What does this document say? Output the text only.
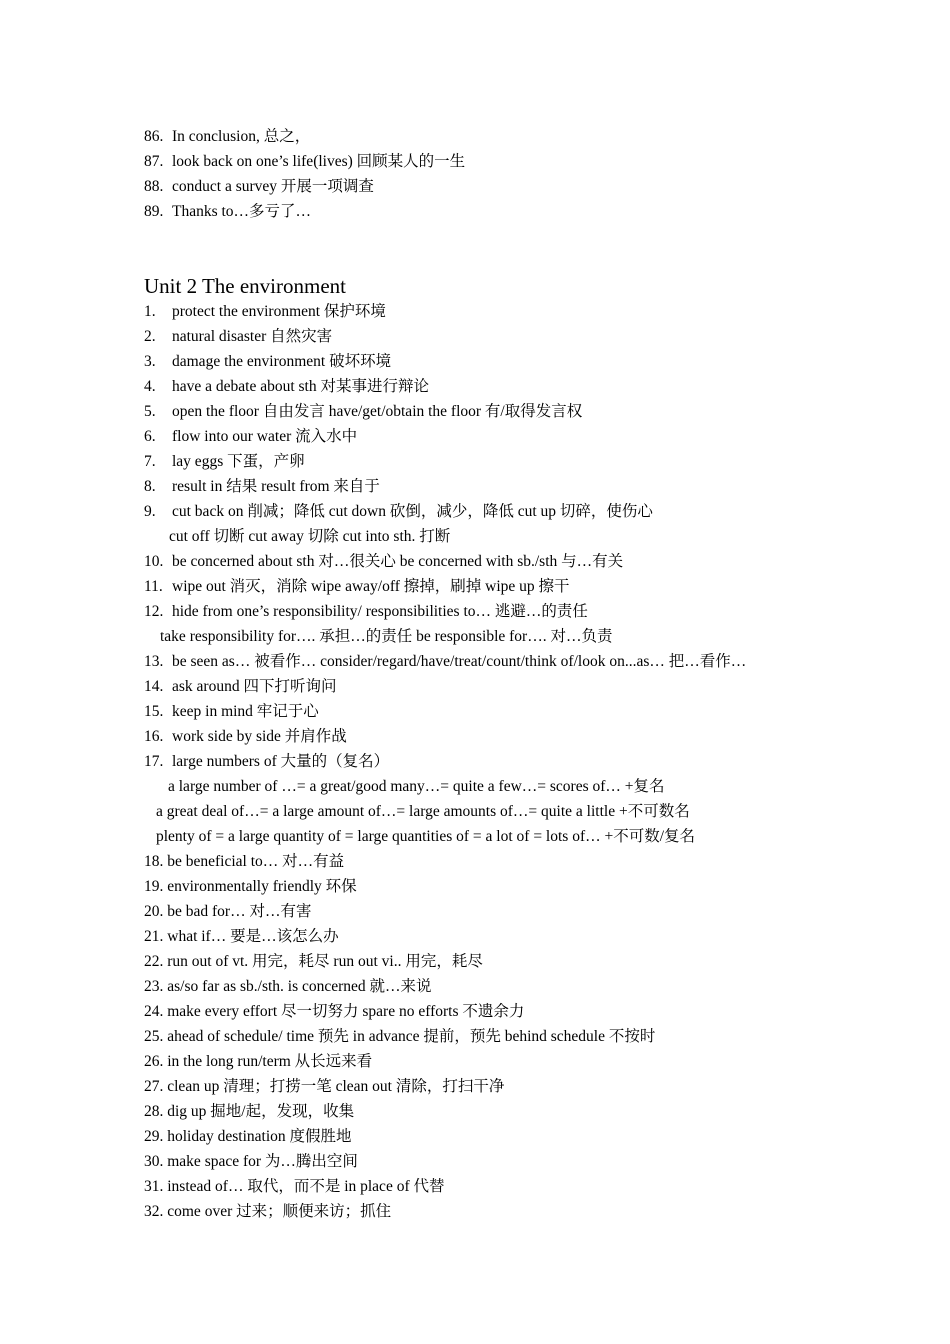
86. In conclusion, 总之，
87. look back on one’s life(lives) 回顾某人的一生
88. conduct a survey 开展一项调查
89. Thanks to…多亏了…
Unit 2 The environment
1. protect the environment 保护环境
2. natural disaster 自然灾害
3. damage the environment 破坏环境
4. have a debate about sth 对某事进行辩论
5. open the floor 自由发言 have/get/obtain the floor 有/取得发言权
6. flow into our water 流入水中
7. lay eggs 下蛋，产卵
8. result in 结果 result from 来自于
9. cut back on 削减；降低 cut down 砍倒，减少，降低 cut up 切碎，使伤心
cut off 切断 cut away 切除 cut into sth. 打断
10. be concerned about sth 对…很关心 be concerned with sb./sth 与…有关
11. wipe out 消灭，消除 wipe away/off 擦掉，刷掉 wipe up 擦干
12. hide from one’s responsibility/ responsibilities to… 逃避…的责任
take responsibility for…. 承担…的责任 be responsible for…. 对…负责
13. be seen as… 被看作… consider/regard/have/treat/count/think of/look on...as… 把…看作…
14. ask around 四下打听询问
15. keep in mind 牢记于心
16. work side by side 并肩作战
17. large numbers of 大量的（复名）
a large number of …= a great/good many…= quite a few…= scores of… +复名
a great deal of…= a large amount of…= large amounts of…= quite a little +不可数名
plenty of = a large quantity of = large quantities of = a lot of = lots of… +不可数/复名
18. be beneficial to… 对…有益
19. environmentally friendly 环保
20. be bad for… 对…有害
21. what if… 要是…该怎么办
22. run out of vt. 用完，耗尽 run out vi.. 用完，耗尽
23. as/so far as sb./sth. is concerned 就…来说
24. make every effort 尽一切努力 spare no efforts 不遗余力
25. ahead of schedule/ time 预先 in advance 提前，预先 behind schedule 不按时
26. in the long run/term 从长远来看
27. clean up 清理；打捞一笔 clean out 清除，打扫干净
28. dig up 掘地/起，发现，收集
29. holiday destination 度假胜地
30. make space for 为…腾出空间
31. instead of… 取代，而不是 in place of 代替
32. come over 过来；顺便来访；抓住
